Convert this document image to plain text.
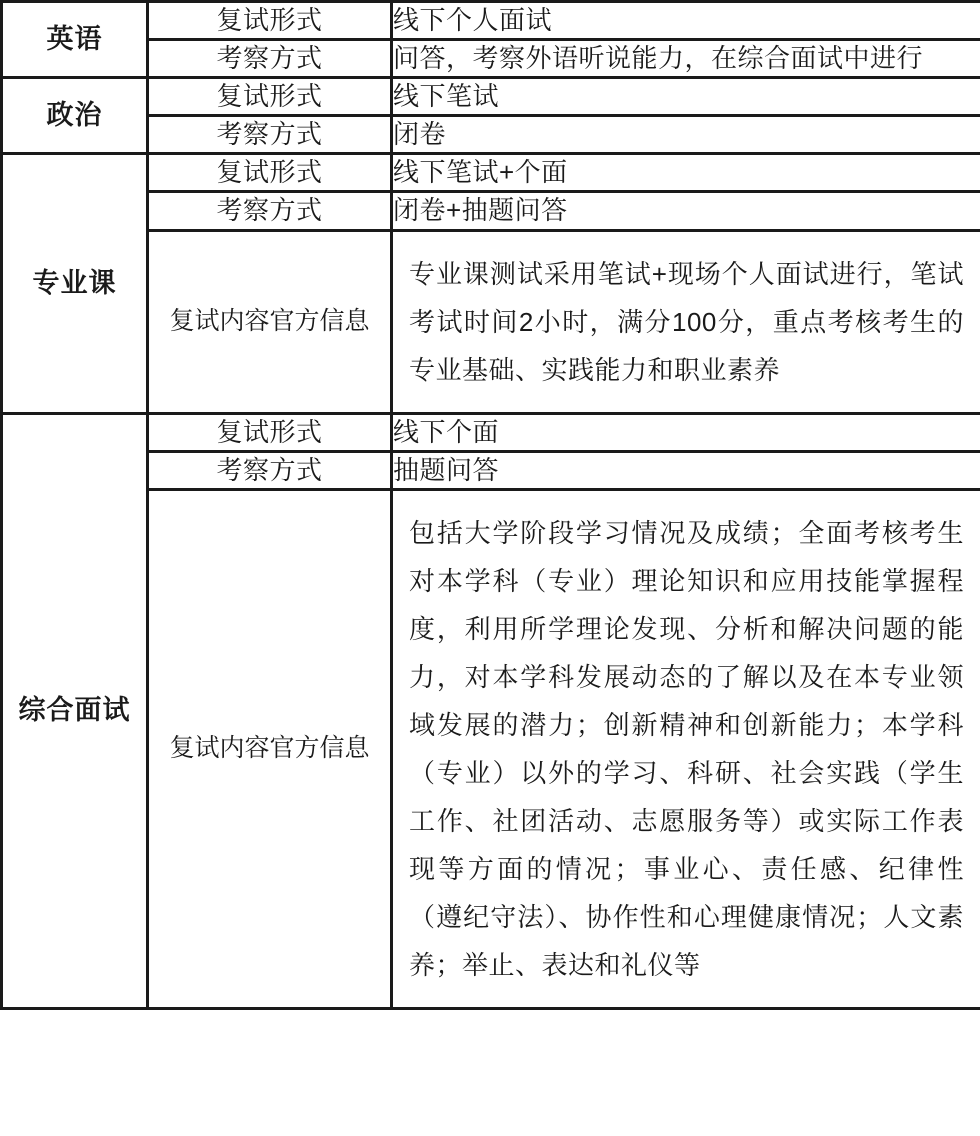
英语	复试形式	线下个人面试
	考察方式	问答，考察外语听说能力，在综合面试中进行
政治	复试形式	线下笔试
	考察方式	闭卷
专业课	复试形式	线下笔试+个面
	考察方式	闭卷+抽题问答
	复试内容官方信息	专业课测试采用笔试+现场个人面试进行，笔试考试时间2小时，满分100分，重点考核考生的专业基础、实践能力和职业素养

综合面试	复试形式	线下个面
	考察方式	抽题问答
	复试内容官方信息	包括大学阶段学习情况及成绩；全面考核考生对本学科（专业）理论知识和应用技能掌握程度，利用所学理论发现、分析和解决问题的能力，对本学科发展动态的了解以及在本专业领域发展的潜力；创新精神和创新能力；本学科（专业）以外的学习、科研、社会实践（学生工作、社团活动、志愿服务等）或实际工作表现等方面的情况；事业心、责任感、纪律性（遵纪守法）、协作性和心理健康情况；人文素养；举止、表达和礼仪等
